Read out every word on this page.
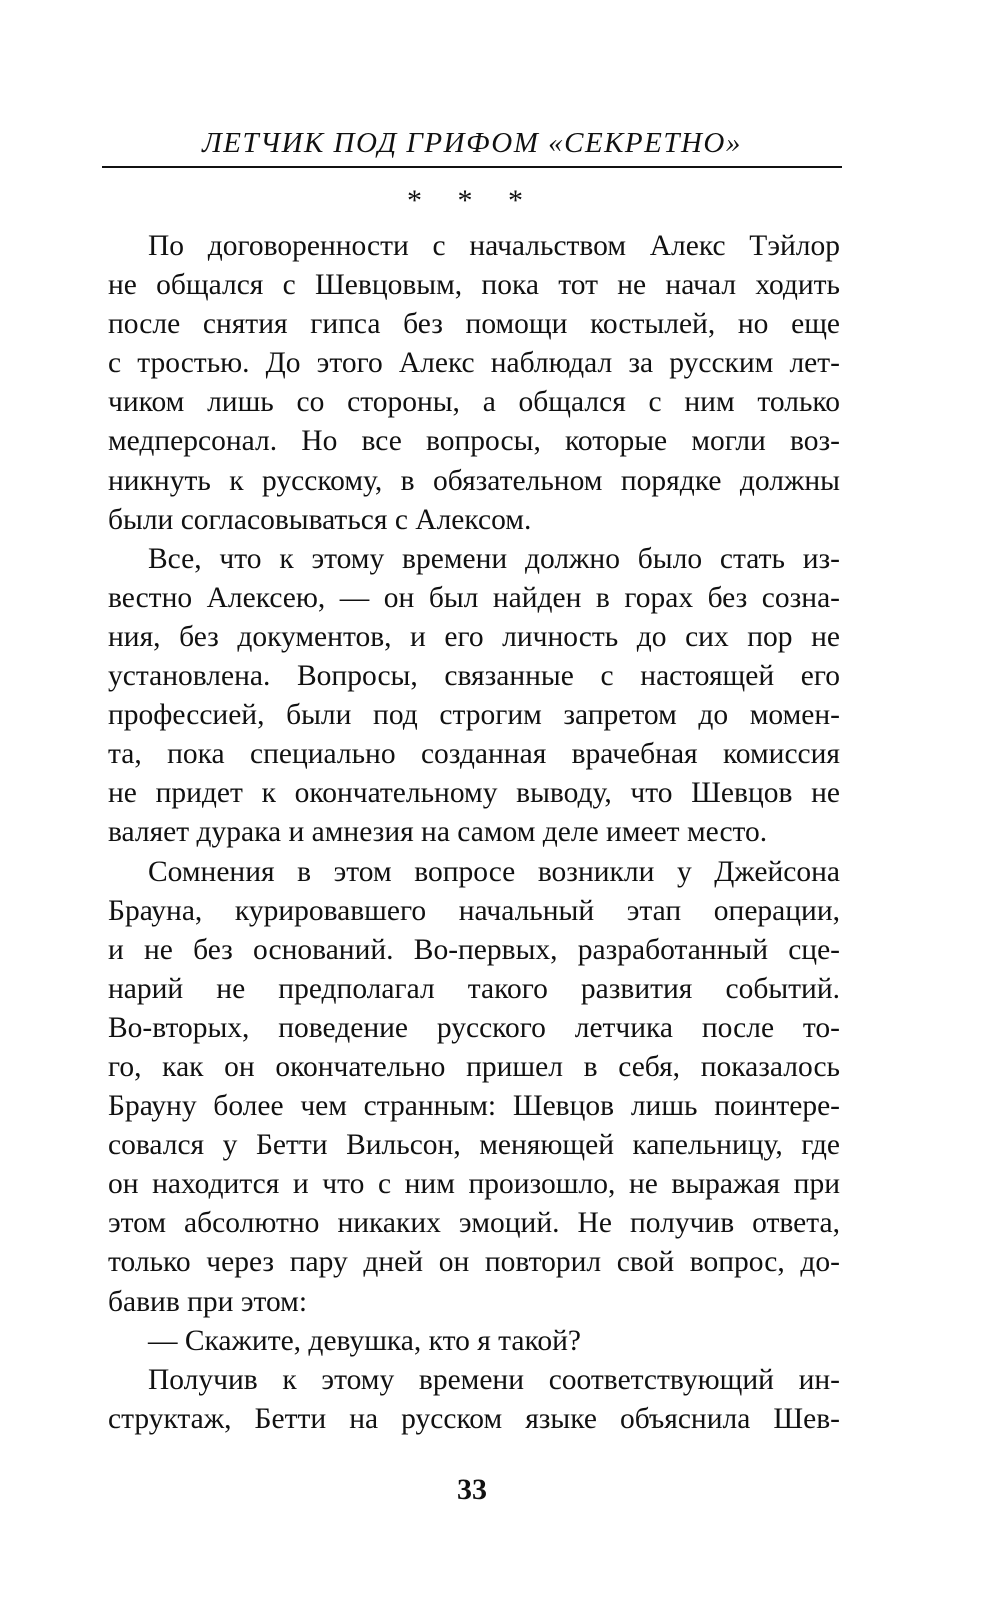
ЛЕТЧИК ПОД ГРИФОМ «СЕКРЕТНО»
* * *
По договоренности с начальством Алекс Тэйлор
не общался с Шевцовым, пока тот не начал ходить
после снятия гипса без помощи костылей, но еще
с тростью. До этого Алекс наблюдал за русским лет-
чиком лишь со стороны, а общался с ним только
медперсонал. Но все вопросы, которые могли воз-
никнуть к русскому, в обязательном порядке должны
были согласовываться с Алексом.
Все, что к этому времени должно было стать из-
вестно Алексею, — он был найден в горах без созна-
ния, без документов, и его личность до сих пор не
установлена. Вопросы, связанные с настоящей его
профессией, были под строгим запретом до момен-
та, пока специально созданная врачебная комиссия
не придет к окончательному выводу, что Шевцов не
валяет дурака и амнезия на самом деле имеет место.
Сомнения в этом вопросе возникли у Джейсона
Брауна, курировавшего начальный этап операции,
и не без оснований. Во-первых, разработанный сце-
нарий не предполагал такого развития событий.
Во-вторых, поведение русского летчика после то-
го, как он окончательно пришел в себя, показалось
Брауну более чем странным: Шевцов лишь поинтере-
совался у Бетти Вильсон, меняющей капельницу, где
он находится и что с ним произошло, не выражая при
этом абсолютно никаких эмоций. Не получив ответа,
только через пару дней он повторил свой вопрос, до-
бавив при этом:
— Скажите, девушка, кто я такой?
Получив к этому времени соответствующий ин-
структаж, Бетти на русском языке объяснила Шев-
33
